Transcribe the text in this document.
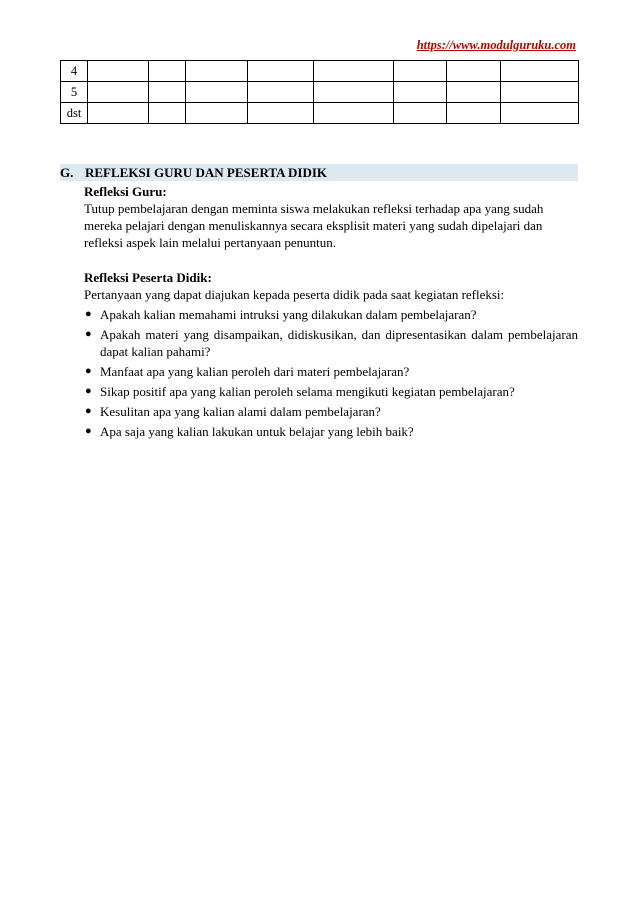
https://www.modulguruku.com
4								
5								
dst								
G. REFLEKSI GURU DAN PESERTA DIDIK

Refleksi Guru:

Tutup pembelajaran dengan meminta siswa melakukan refleksi terhadap apa yang sudah mereka pelajari dengan menuliskannya secara eksplisit materi yang sudah dipelajari dan refleksi aspek lain melalui pertanyaan penuntun.

Refleksi Peserta Didik:

Pertanyaan yang dapat diajukan kepada peserta didik pada saat kegiatan refleksi:

● Apakah kalian memahami intruksi yang dilakukan dalam pembelajaran?
● Apakah materi yang disampaikan, didiskusikan, dan dipresentasikan dalam pembelajaran dapat kalian pahami?
● Manfaat apa yang kalian peroleh dari materi pembelajaran?
● Sikap positif apa yang kalian peroleh selama mengikuti kegiatan pembelajaran?
● Kesulitan apa yang kalian alami dalam pembelajaran?
● Apa saja yang kalian lakukan untuk belajar yang lebih baik?
